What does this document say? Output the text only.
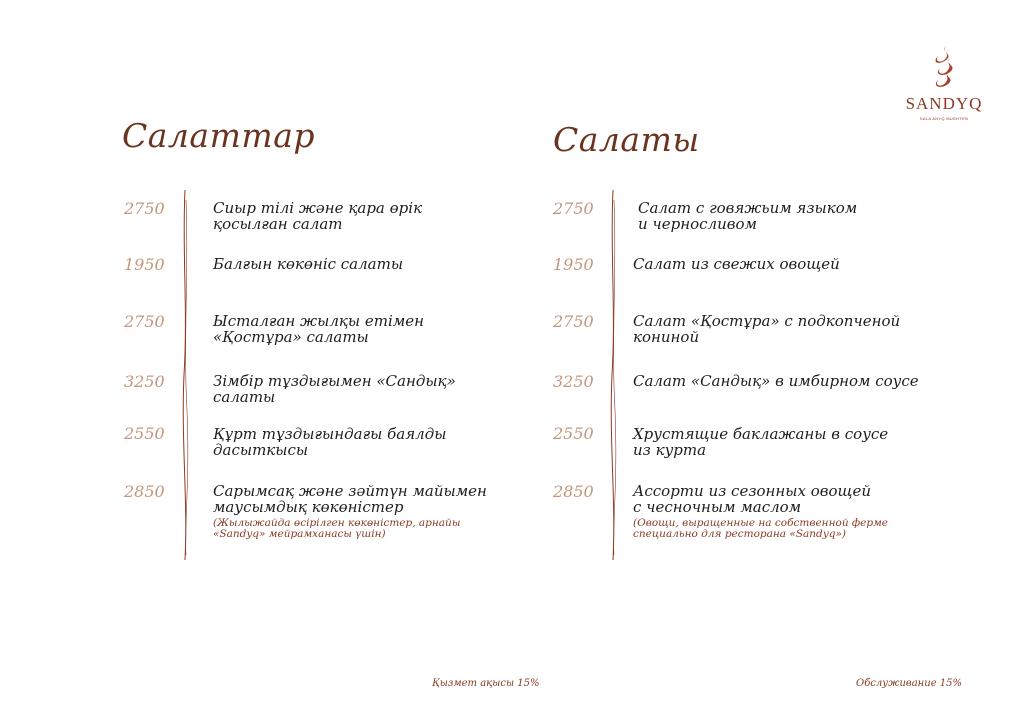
SANDYQ
SALA ANYQ MUSHTEN
Салаттар	Салаты
2750	Сиыр тілі және қара өрік
қосылған салат
1950	Балғын көкөніс салаты
2750	Ысталған жылқы етімен
«Қостұра» салаты
3250	Зімбір тұздығымен «Сандық»
салаты
2550	Құрт тұздығындағы баялды
дасыткысы
2850	Сарымсақ және зәйтүн майымен
маусымдық көкөністер
(Жылыжайда өсірілген көкөністер, арнайы
«Sandyq» мейрамханасы үшін)
2750	Салат с говяжьим языком
и черносливом
1950	Салат из свежих овощей
2750	Салат «Қостұра» с подкопченой
кониной
3250	Салат «Сандық» в имбирном соусе
2550	Хрустящие баклажаны в соусе
из курта
2850	Ассорти из сезонных овощей
с чесночным маслом
(Овощи, выращенные на собственной ферме
специально для ресторана «Sandyq»)
Қызмет ақысы 15%	Обслуживание 15%
